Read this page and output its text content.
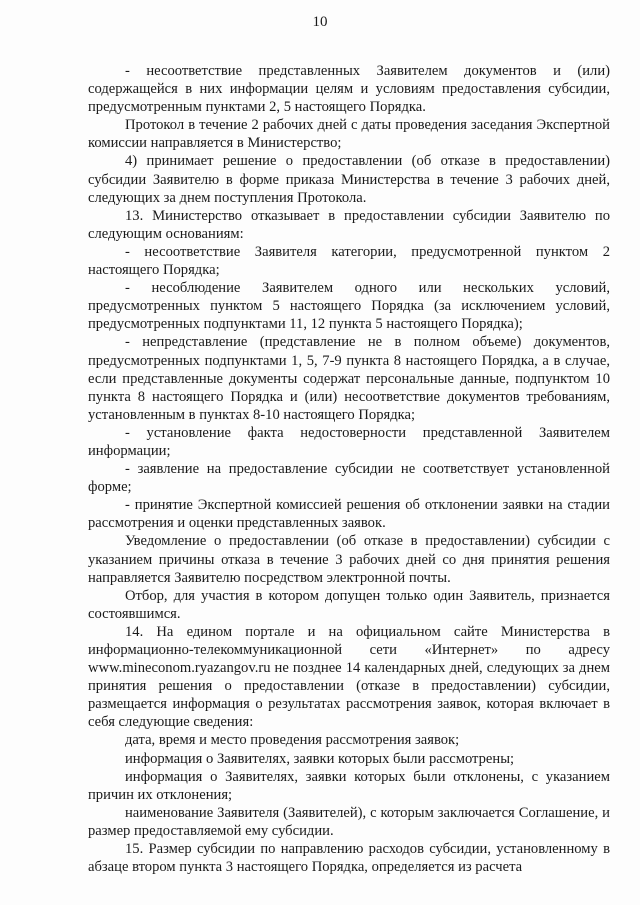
10

- несоответствие представленных Заявителем документов и (или) содержащейся в них информации целям и условиям предоставления субсидии, предусмотренным пунктами 2, 5 настоящего Порядка.

Протокол в течение 2 рабочих дней с даты проведения заседания Экспертной комиссии направляется в Министерство;

4) принимает решение о предоставлении (об отказе в предоставлении) субсидии Заявителю в форме приказа Министерства в течение 3 рабочих дней, следующих за днем поступления Протокола.

13. Министерство отказывает в предоставлении субсидии Заявителю по следующим основаниям:

- несоответствие Заявителя категории, предусмотренной пунктом 2 настоящего Порядка;

- несоблюдение Заявителем одного или нескольких условий, предусмотренных пунктом 5 настоящего Порядка (за исключением условий, предусмотренных подпунктами 11, 12 пункта 5 настоящего Порядка);

- непредставление (представление не в полном объеме) документов, предусмотренных подпунктами 1, 5, 7-9 пункта 8 настоящего Порядка, а в случае, если представленные документы содержат персональные данные, подпунктом 10 пункта 8 настоящего Порядка и (или) несоответствие документов требованиям, установленным в пунктах 8-10 настоящего Порядка;

- установление факта недостоверности представленной Заявителем информации;

- заявление на предоставление субсидии не соответствует установленной форме;

- принятие Экспертной комиссией решения об отклонении заявки на стадии рассмотрения и оценки представленных заявок.

Уведомление о предоставлении (об отказе в предоставлении) субсидии с указанием причины отказа в течение 3 рабочих дней со дня принятия решения направляется Заявителю посредством электронной почты.

Отбор, для участия в котором допущен только один Заявитель, признается состоявшимся.

14. На едином портале и на официальном сайте Министерства в информационно-телекоммуникационной сети «Интернет» по адресу www.mineconom.ryazangov.ru не позднее 14 календарных дней, следующих за днем принятия решения о предоставлении (отказе в предоставлении) субсидии, размещается информация о результатах рассмотрения заявок, которая включает в себя следующие сведения:

дата, время и место проведения рассмотрения заявок;

информация о Заявителях, заявки которых были рассмотрены;

информация о Заявителях, заявки которых были отклонены, с указанием причин их отклонения;

наименование Заявителя (Заявителей), с которым заключается Соглашение, и размер предоставляемой ему субсидии.

15. Размер субсидии по направлению расходов субсидии, установленному в абзаце втором пункта 3 настоящего Порядка, определяется из расчета
